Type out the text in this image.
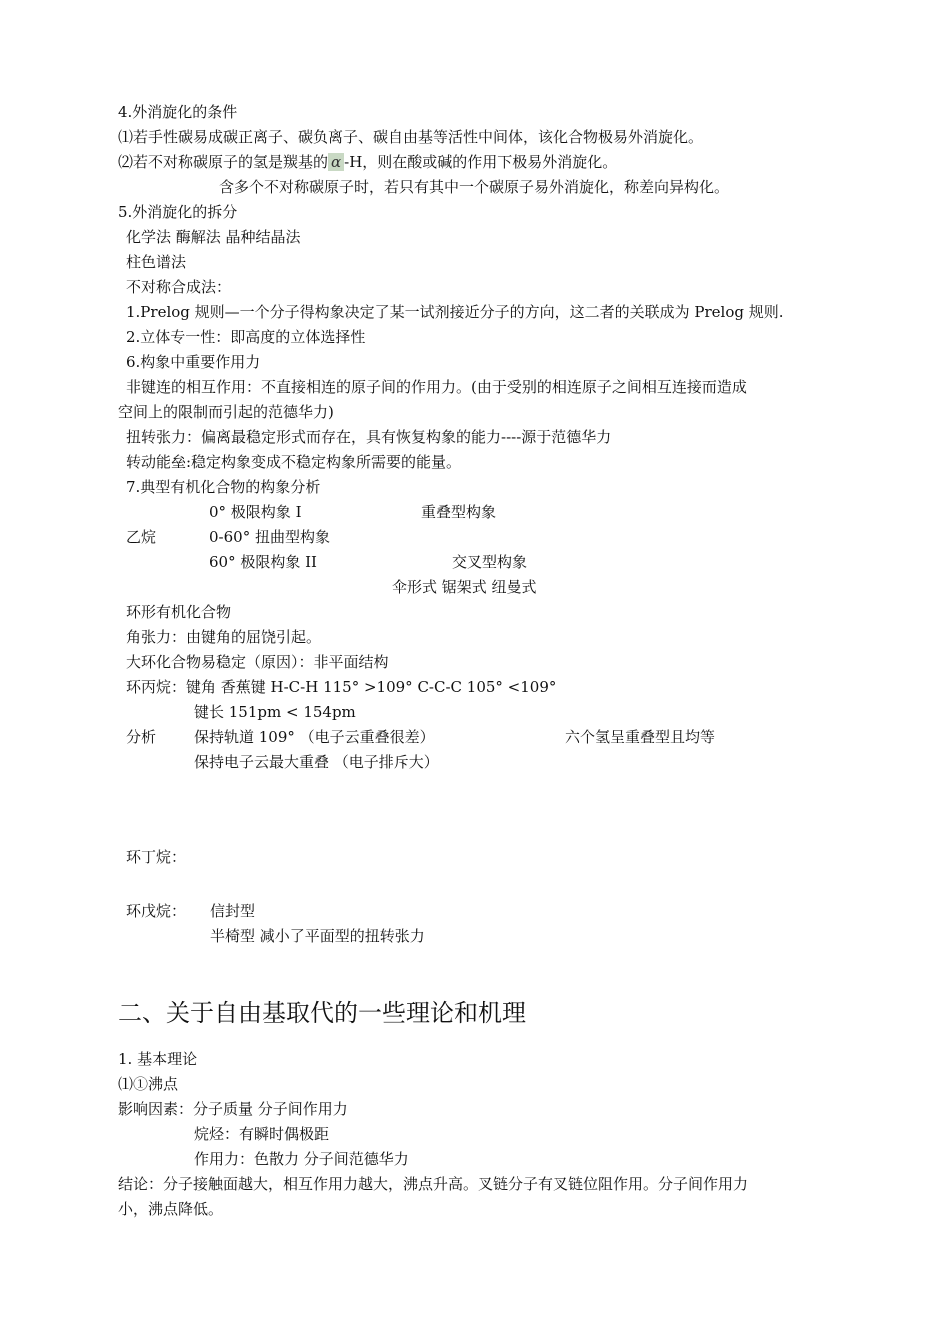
4.外消旋化的条件
⑴若手性碳易成碳正离子、碳负离子、碳自由基等活性中间体，该化合物极易外消旋化。
⑵若不对称碳原子的氢是羰基的 α -H，则在酸或碱的作用下极易外消旋化。
含多个不对称碳原子时，若只有其中一个碳原子易外消旋化，称差向异构化。
5.外消旋化的拆分
化学法 酶解法 晶种结晶法
柱色谱法
不对称合成法：
1.Prelog 规则—一个分子得构象决定了某一试剂接近分子的方向，这二者的关联成为 Prelog 规则.
2.立体专一性：即高度的立体选择性
6.构象中重要作用力
非键连的相互作用：不直接相连的原子间的作用力。(由于受别的相连原子之间相互连接而造成
空间上的限制而引起的范德华力)
扭转张力：偏离最稳定形式而存在，具有恢复构象的能力----源于范德华力
转动能垒:稳定构象变成不稳定构象所需要的能量。
7.典型有机化合物的构象分析
0° 极限构象 I	重叠型构象
乙烷	0-60° 扭曲型构象
60° 极限构象 II	交叉型构象
伞形式 锯架式 纽曼式
环形有机化合物
角张力：由键角的屈饶引起。
大环化合物易稳定（原因）：非平面结构
环丙烷：键角 香蕉键 H-C-H 115° >109° C-C-C 105° <109°
键长 151pm < 154pm
分析	保持轨道 109° （电子云重叠很差）	六个氢呈重叠型且均等
保持电子云最大重叠 （电子排斥大）
环丁烷：
环戊烷： 信封型
半椅型 减小了平面型的扭转张力
二、关于自由基取代的一些理论和机理
1. 基本理论
⑴①沸点
影响因素：分子质量 分子间作用力
烷烃：有瞬时偶极距
作用力：色散力 分子间范德华力
结论：分子接触面越大，相互作用力越大，沸点升高。叉链分子有叉链位阻作用。分子间作用力
小，沸点降低。
